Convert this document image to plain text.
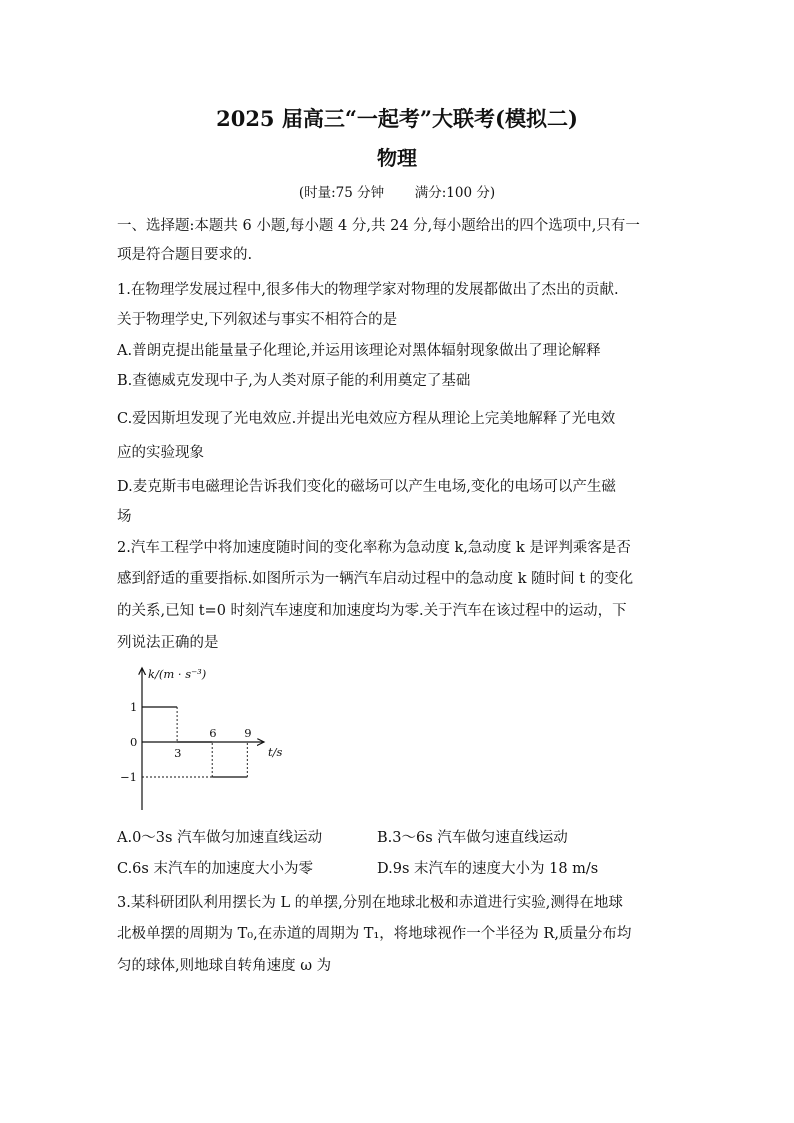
2025 届高三“一起考”大联考(模拟二)
物理
(时量:75 分钟 满分:100 分)
一、选择题:本题共 6 小题,每小题 4 分,共 24 分,每小题给出的四个选项中,只有一
项是符合题目要求的.
1.在物理学发展过程中,很多伟大的物理学家对物理的发展都做出了杰出的贡献.
关于物理学史,下列叙述与事实不相符合的是
A.普朗克提出能量量子化理论,并运用该理论对黑体辐射现象做出了理论解释
B.查德威克发现中子,为人类对原子能的利用奠定了基础
C.爱因斯坦发现了光电效应.并提出光电效应方程从理论上完美地解释了光电效
应的实验现象
D.麦克斯韦电磁理论告诉我们变化的磁场可以产生电场,变化的电场可以产生磁
场
2.汽车工程学中将加速度随时间的变化率称为急动度 k,急动度 k 是评判乘客是否
感到舒适的重要指标.如图所示为一辆汽车启动过程中的急动度 k 随时间 t 的变化
的关系,已知 t=0 时刻汽车速度和加速度均为零.关于汽车在该过程中的运动，下
列说法正确的是
k/(m · s⁻³)
t/s
3
6 9
1
0
−1
A.0～3s 汽车做匀加速直线运动	B.3～6s 汽车做匀速直线运动
C.6s 末汽车的加速度大小为零	D.9s 末汽车的速度大小为 18 m/s
3.某科研团队利用摆长为 L 的单摆,分别在地球北极和赤道进行实验,测得在地球
北极单摆的周期为 T₀,在赤道的周期为 T₁，将地球视作一个半径为 R,质量分布均
匀的球体,则地球自转角速度 ω 为
